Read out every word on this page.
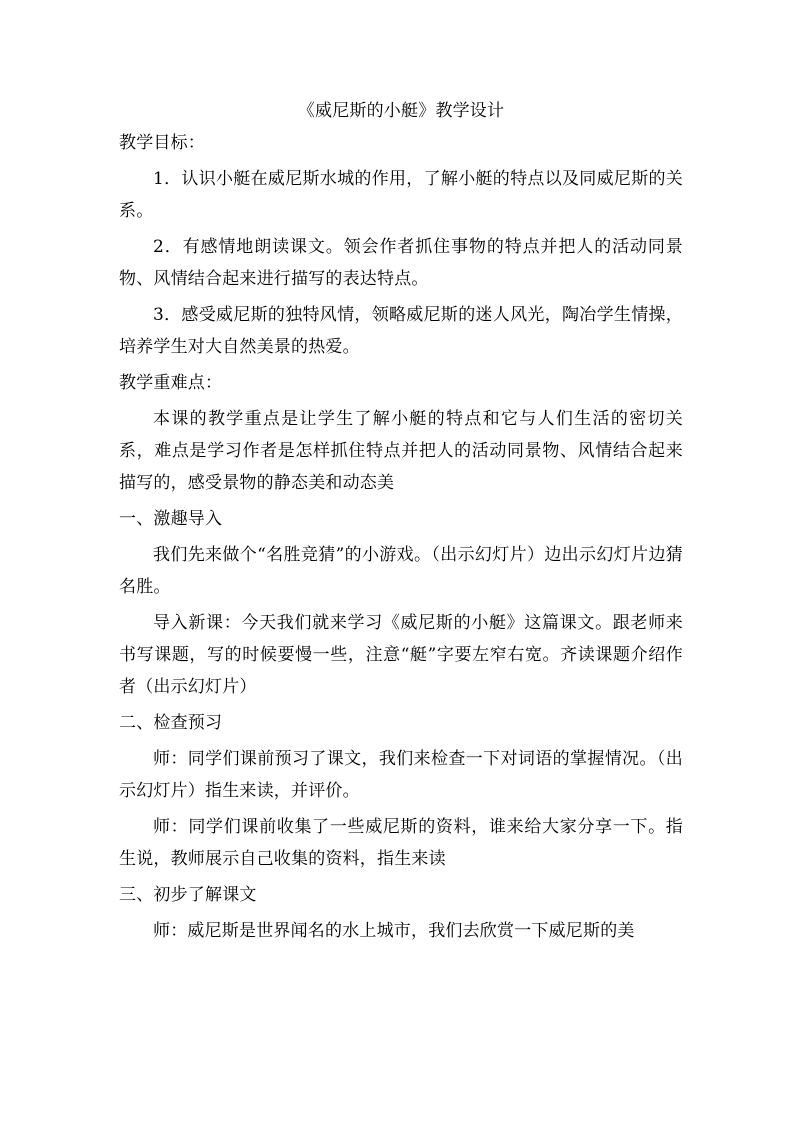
《威尼斯的小艇》教学设计
教学目标：

1．认识小艇在威尼斯水城的作用，了解小艇的特点以及同威尼斯的关系。

2．有感情地朗读课文。领会作者抓住事物的特点并把人的活动同景物、风情结合起来进行描写的表达特点。

3．感受威尼斯的独特风情，领略威尼斯的迷人风光，陶冶学生情操，培养学生对大自然美景的热爱。

教学重难点：

本课的教学重点是让学生了解小艇的特点和它与人们生活的密切关系，难点是学习作者是怎样抓住特点并把人的活动同景物、风情结合起来描写的，感受景物的静态美和动态美

一、激趣导入

我们先来做个“名胜竞猜”的小游戏。（出示幻灯片）边出示幻灯片边猜名胜。

导入新课：今天我们就来学习《威尼斯的小艇》这篇课文。跟老师来书写课题，写的时候要慢一些，注意“艇”字要左窄右宽。齐读课题介绍作者（出示幻灯片）

二、检查预习

师：同学们课前预习了课文，我们来检查一下对词语的掌握情况。（出示幻灯片）指生来读，并评价。

师：同学们课前收集了一些威尼斯的资料，谁来给大家分享一下。指生说，教师展示自己收集的资料，指生来读

三、初步了解课文

师：威尼斯是世界闻名的水上城市，我们去欣赏一下威尼斯的美
